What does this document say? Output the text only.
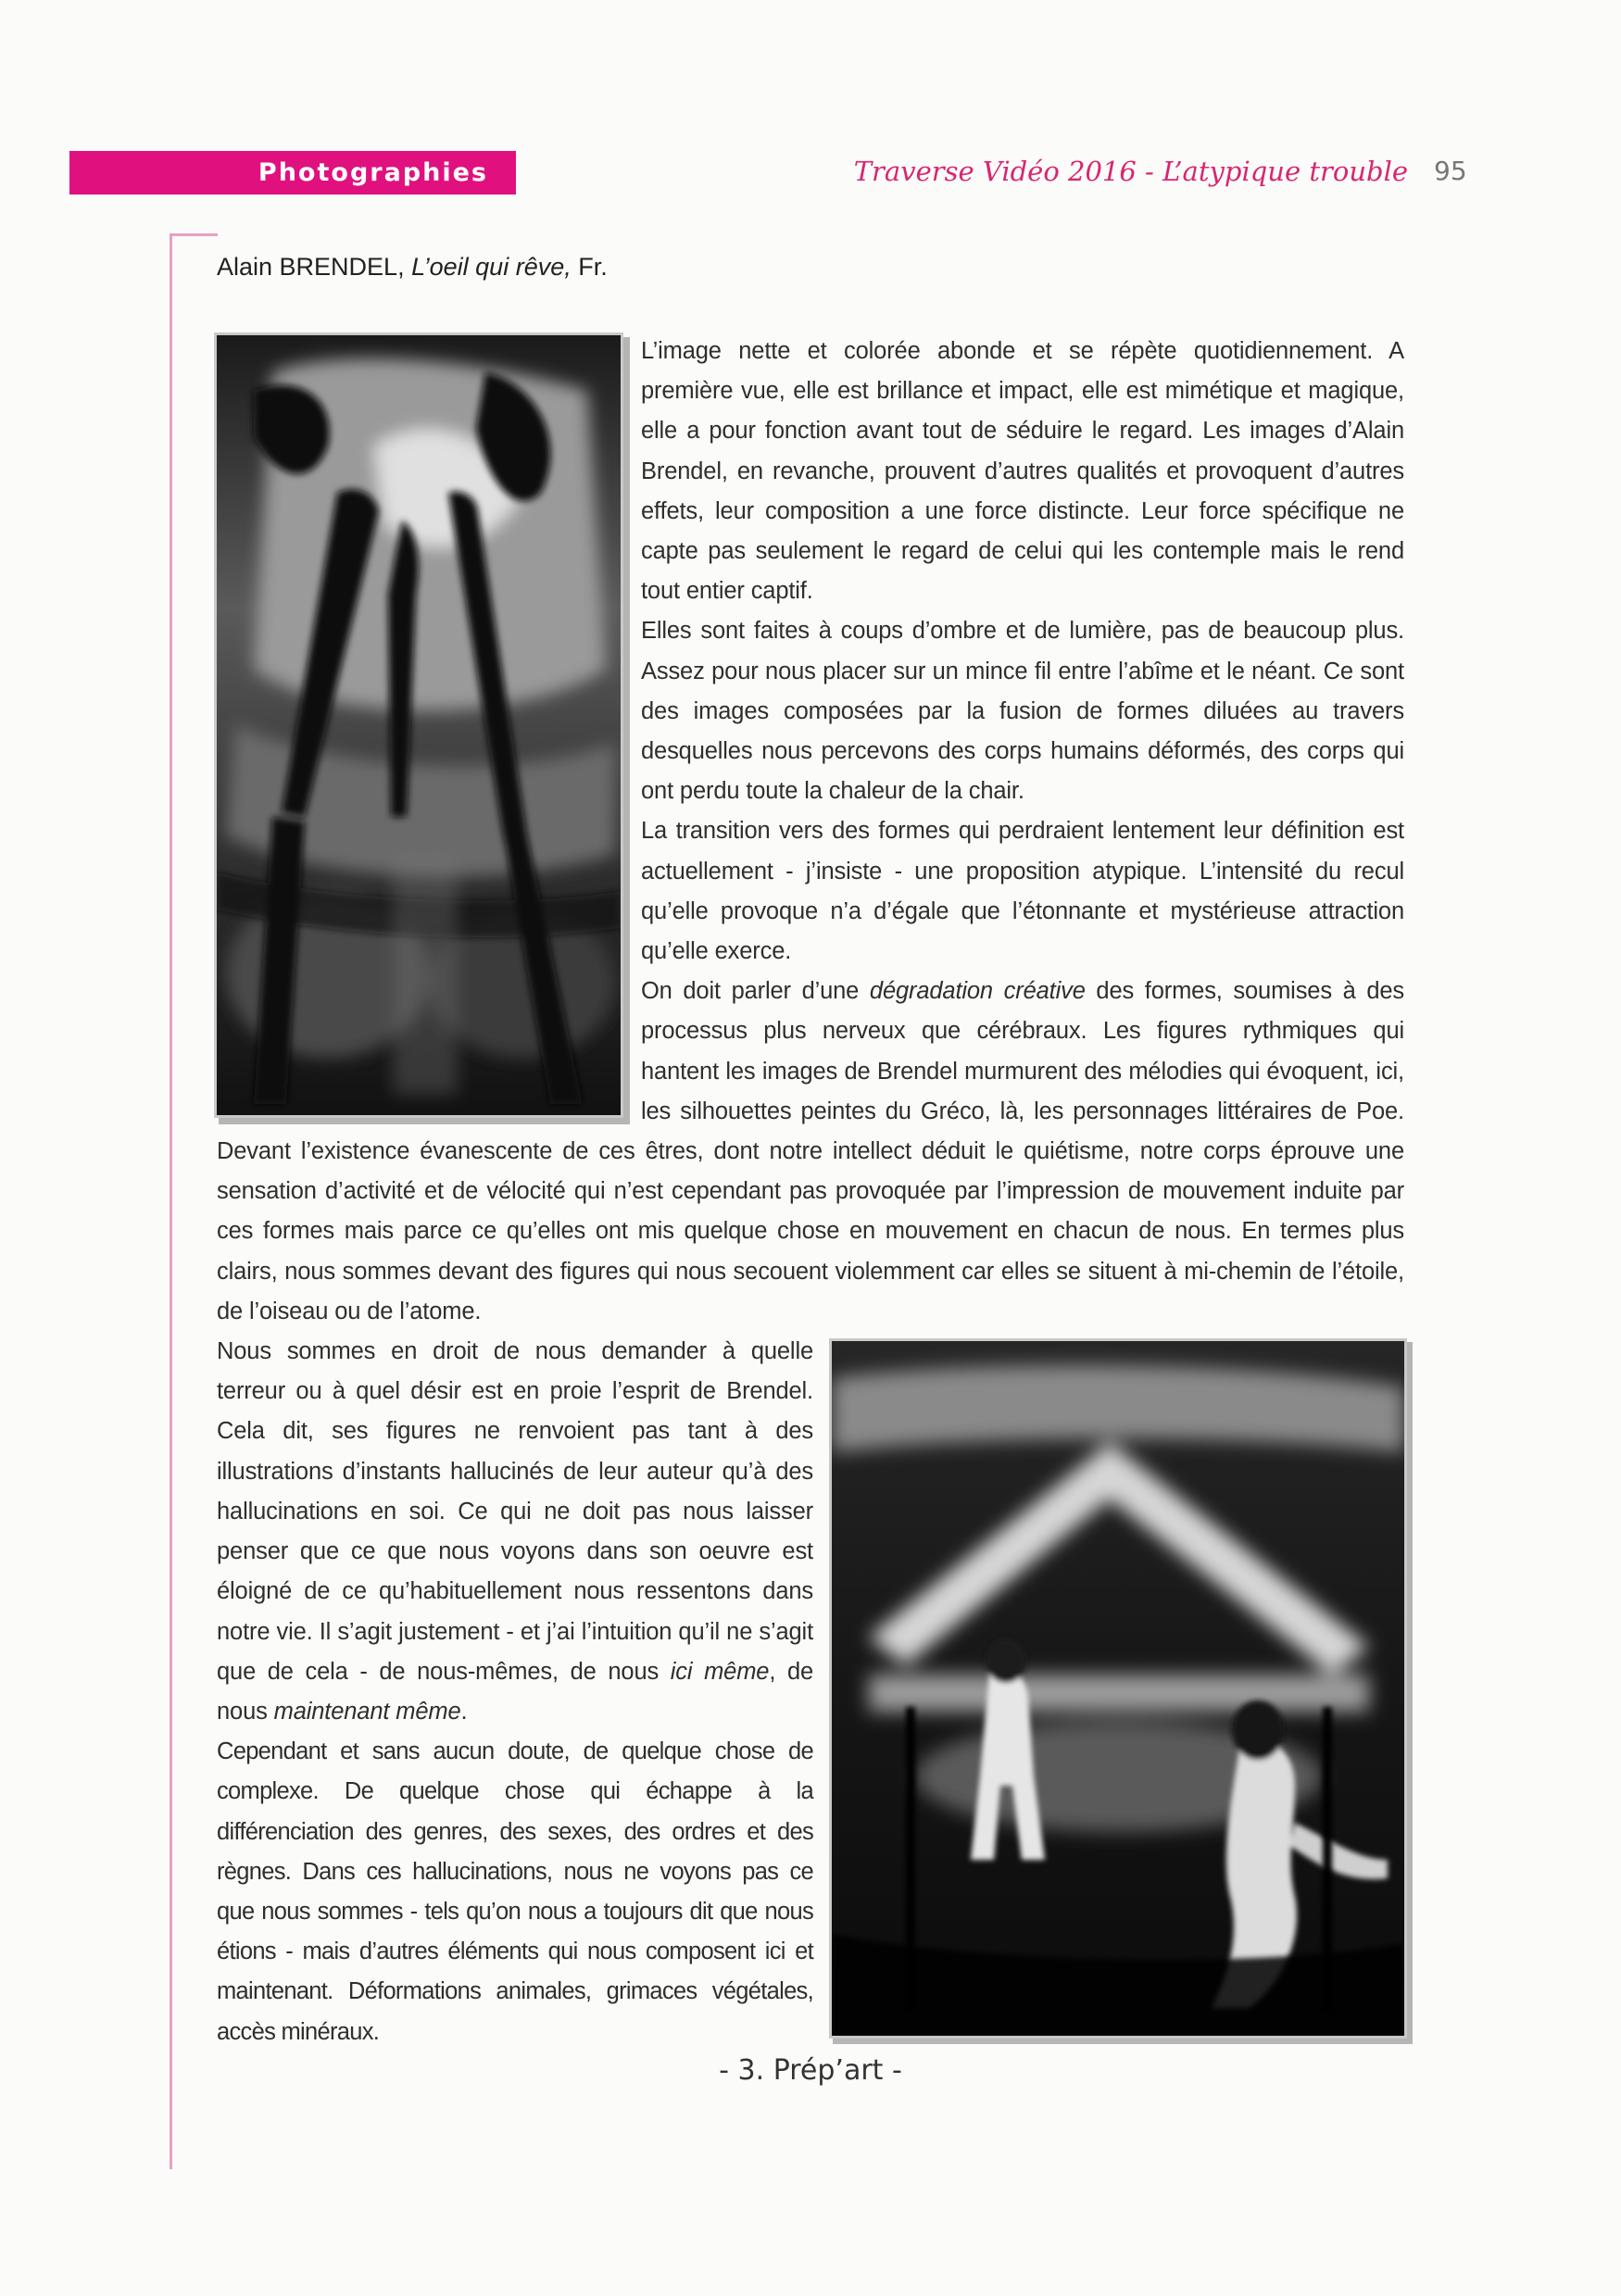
Photographies	Traverse Vidéo 2016 - L’atypique trouble 95
Alain BRENDEL, L’oeil qui rêve, Fr.

L’image nette et colorée abonde et se répète quotidiennement. A première vue, elle est brillance et impact, elle est mimétique et magique, elle a pour fonction avant tout de séduire le regard. Les images d’Alain Brendel, en revanche, prouvent d’autres qualités et provoquent d’autres effets, leur composition a une force distincte. Leur force spécifique ne capte pas seulement le regard de celui qui les contemple mais le rend tout entier captif.

Elles sont faites à coups d’ombre et de lumière, pas de beaucoup plus. Assez pour nous placer sur un mince fil entre l’abîme et le néant. Ce sont des images composées par la fusion de formes diluées au travers desquelles nous percevons des corps humains déformés, des corps qui ont perdu toute la chaleur de la chair.

La transition vers des formes qui perdraient lentement leur définition est actuellement - j’insiste - une proposition atypique. L’intensité du recul qu’elle provoque n’a d’égale que l’étonnante et mystérieuse attraction qu’elle exerce.

On doit parler d’une dégradation créative des formes, soumises à des processus plus nerveux que cérébraux. Les figures rythmiques qui hantent les images de Brendel murmurent des mélodies qui évoquent, ici, les silhouettes peintes du Gréco, là, les personnages littéraires de Poe. Devant l’existence évanescente de ces êtres, dont notre intellect déduit le quiétisme, notre corps éprouve une sensation d’activité et de vélocité qui n’est cependant pas provoquée par l’impression de mouvement induite par ces formes mais parce ce qu’elles ont mis quelque chose en mouvement en chacun de nous. En termes plus clairs, nous sommes devant des figures qui nous secouent violemment car elles se situent à mi-chemin de l’étoile, de l’oiseau ou de l’atome.

Nous sommes en droit de nous demander à quelle terreur ou à quel désir est en proie l’esprit de Brendel. Cela dit, ses figures ne renvoient pas tant à des illustrations d’instants hallucinés de leur auteur qu’à des hallucinations en soi. Ce qui ne doit pas nous laisser penser que ce que nous voyons dans son oeuvre est éloigné de ce qu’habituellement nous ressentons dans notre vie. Il s’agit justement - et j’ai l’intuition qu’il ne s’agit que de cela - de nous-mêmes, de nous ici même, de nous maintenant même.

Cependant et sans aucun doute, de quelque chose de complexe. De quelque chose qui échappe à la différenciation des genres, des sexes, des ordres et des règnes. Dans ces hallucinations, nous ne voyons pas ce que nous sommes - tels qu’on nous a toujours dit que nous étions - mais d’autres éléments qui nous composent ici et maintenant. Déformations animales, grimaces végétales, accès minéraux.

- 3. Prép’art -
